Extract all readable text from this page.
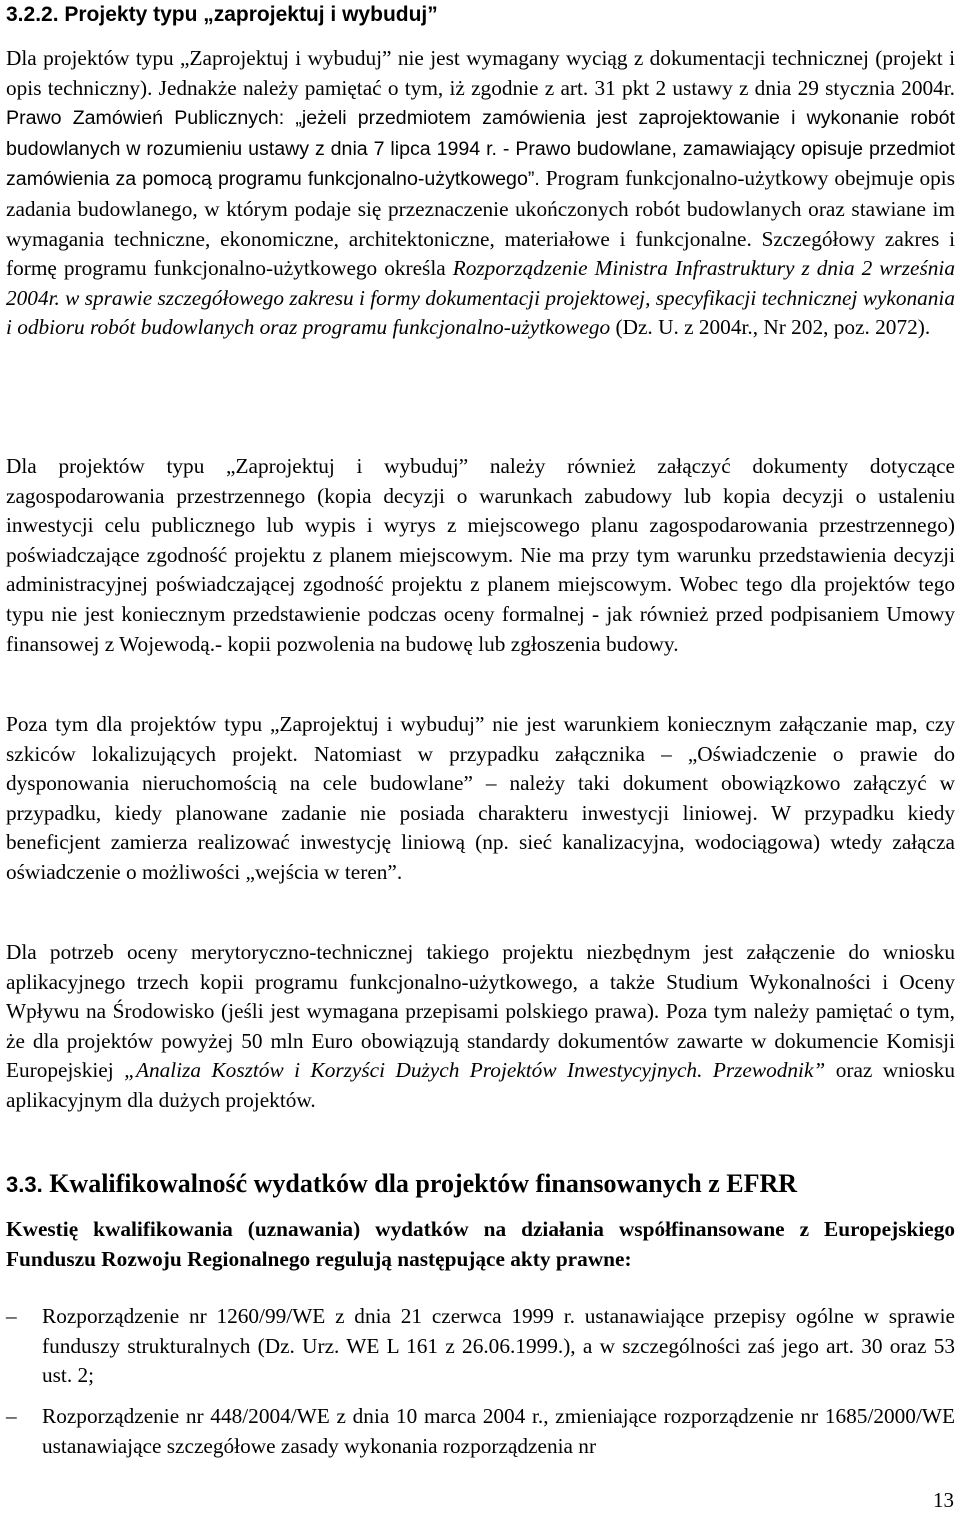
3.2.2. Projekty typu „zaprojektuj i wybuduj”

Dla projektów typu „Zaprojektuj i wybuduj” nie jest wymagany wyciąg z dokumentacji technicznej (projekt i opis techniczny). Jednakże należy pamiętać o tym, iż zgodnie z art. 31 pkt 2 ustawy z dnia 29 stycznia 2004r. Prawo Zamówień Publicznych: „jeżeli przedmiotem zamówienia jest zaprojektowanie i wykonanie robót budowlanych w rozumieniu ustawy z dnia 7 lipca 1994 r. - Prawo budowlane, zamawiający opisuje przedmiot zamówienia za pomocą programu funkcjonalno-użytkowego”. Program funkcjonalno-użytkowy obejmuje opis zadania budowlanego, w którym podaje się przeznaczenie ukończonych robót budowlanych oraz stawiane im wymagania techniczne, ekonomiczne, architektoniczne, materiałowe i funkcjonalne. Szczegółowy zakres i formę programu funkcjonalno-użytkowego określa Rozporządzenie Ministra Infrastruktury z dnia 2 września 2004r. w sprawie szczegółowego zakresu i formy dokumentacji projektowej, specyfikacji technicznej wykonania i odbioru robót budowlanych oraz programu funkcjonalno-użytkowego (Dz. U. z 2004r., Nr 202, poz. 2072).

Dla projektów typu „Zaprojektuj i wybuduj” należy również załączyć dokumenty dotyczące zagospodarowania przestrzennego (kopia decyzji o warunkach zabudowy lub kopia decyzji o ustaleniu inwestycji celu publicznego lub wypis i wyrys z miejscowego planu zagospodarowania przestrzennego) poświadczające zgodność projektu z planem miejscowym. Nie ma przy tym warunku przedstawienia decyzji administracyjnej poświadczającej zgodność projektu z planem miejscowym. Wobec tego dla projektów tego typu nie jest koniecznym przedstawienie podczas oceny formalnej - jak również przed podpisaniem Umowy finansowej z Wojewodą.- kopii pozwolenia na budowę lub zgłoszenia budowy.

Poza tym dla projektów typu „Zaprojektuj i wybuduj” nie jest warunkiem koniecznym załączanie map, czy szkiców lokalizujących projekt. Natomiast w przypadku załącznika – „Oświadczenie o prawie do dysponowania nieruchomością na cele budowlane” – należy taki dokument obowiązkowo załączyć w przypadku, kiedy planowane zadanie nie posiada charakteru inwestycji liniowej. W przypadku kiedy beneficjent zamierza realizować inwestycję liniową (np. sieć kanalizacyjna, wodociągowa) wtedy załącza oświadczenie o możliwości „wejścia w teren”.

Dla potrzeb oceny merytoryczno-technicznej takiego projektu niezbędnym jest załączenie do wniosku aplikacyjnego trzech kopii programu funkcjonalno-użytkowego, a także Studium Wykonalności i Oceny Wpływu na Środowisko (jeśli jest wymagana przepisami polskiego prawa). Poza tym należy pamiętać o tym, że dla projektów powyżej 50 mln Euro obowiązują standardy dokumentów zawarte w dokumencie Komisji Europejskiej „Analiza Kosztów i Korzyści Dużych Projektów Inwestycyjnych. Przewodnik” oraz wniosku aplikacyjnym dla dużych projektów.

3.3. Kwalifikowalność wydatków dla projektów finansowanych z EFRR

Kwestię kwalifikowania (uznawania) wydatków na działania współfinansowane z Europejskiego Funduszu Rozwoju Regionalnego regulują następujące akty prawne:

–	Rozporządzenie nr 1260/99/WE z dnia 21 czerwca 1999 r. ustanawiające przepisy ogólne w sprawie funduszy strukturalnych (Dz. Urz. WE L 161 z 26.06.1999.), a w szczególności zaś jego art. 30 oraz 53 ust. 2;
–	Rozporządzenie nr 448/2004/WE z dnia 10 marca 2004 r., zmieniające rozporządzenie nr 1685/2000/WE ustanawiające szczegółowe zasady wykonania rozporządzenia nr
13
